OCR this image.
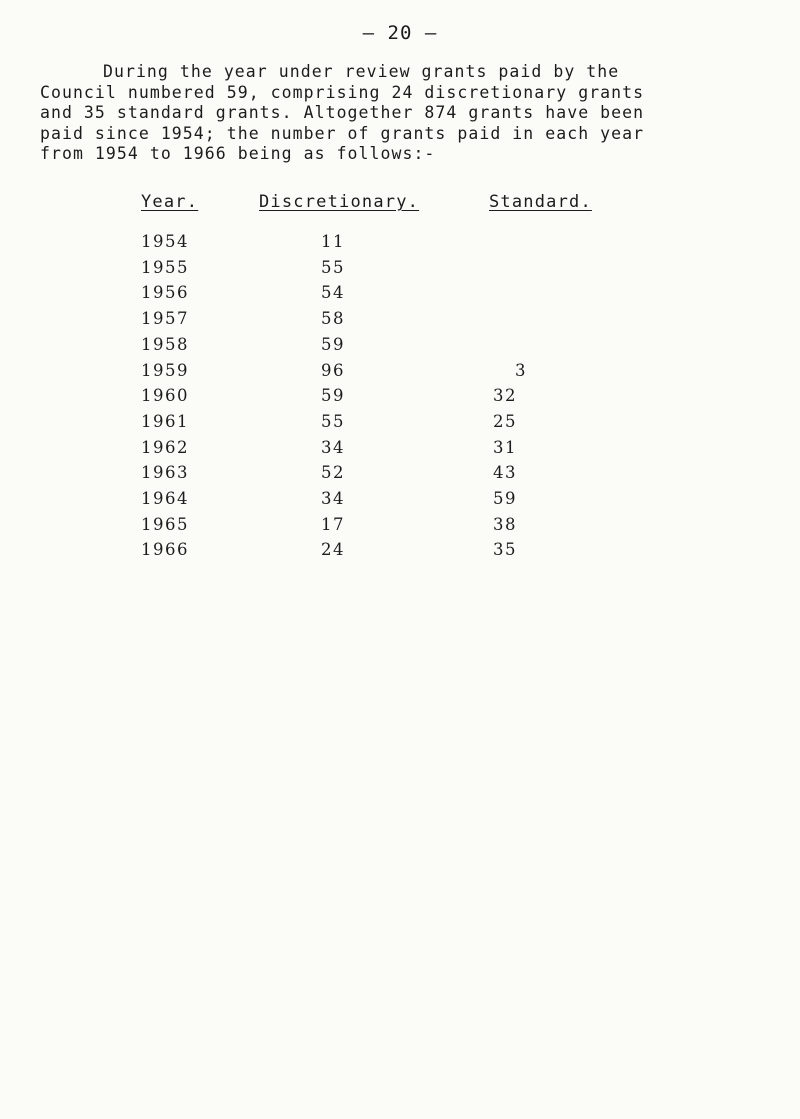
— 20 —

During the year under review grants paid by the
Council numbered 59, comprising 24 discretionary grants
and 35 standard grants. Altogether 874 grants have been
paid since 1954; the number of grants paid in each year
from 1954 to 1966 being as follows:-

Year.	Discretionary.	Standard.
1954	11
1955	55
1956	54
1957	58
1958	59
1959	96	3
1960	59	32
1961	55	25
1962	34	31
1963	52	43
1964	34	59
1965	17	38
1966	24	35
